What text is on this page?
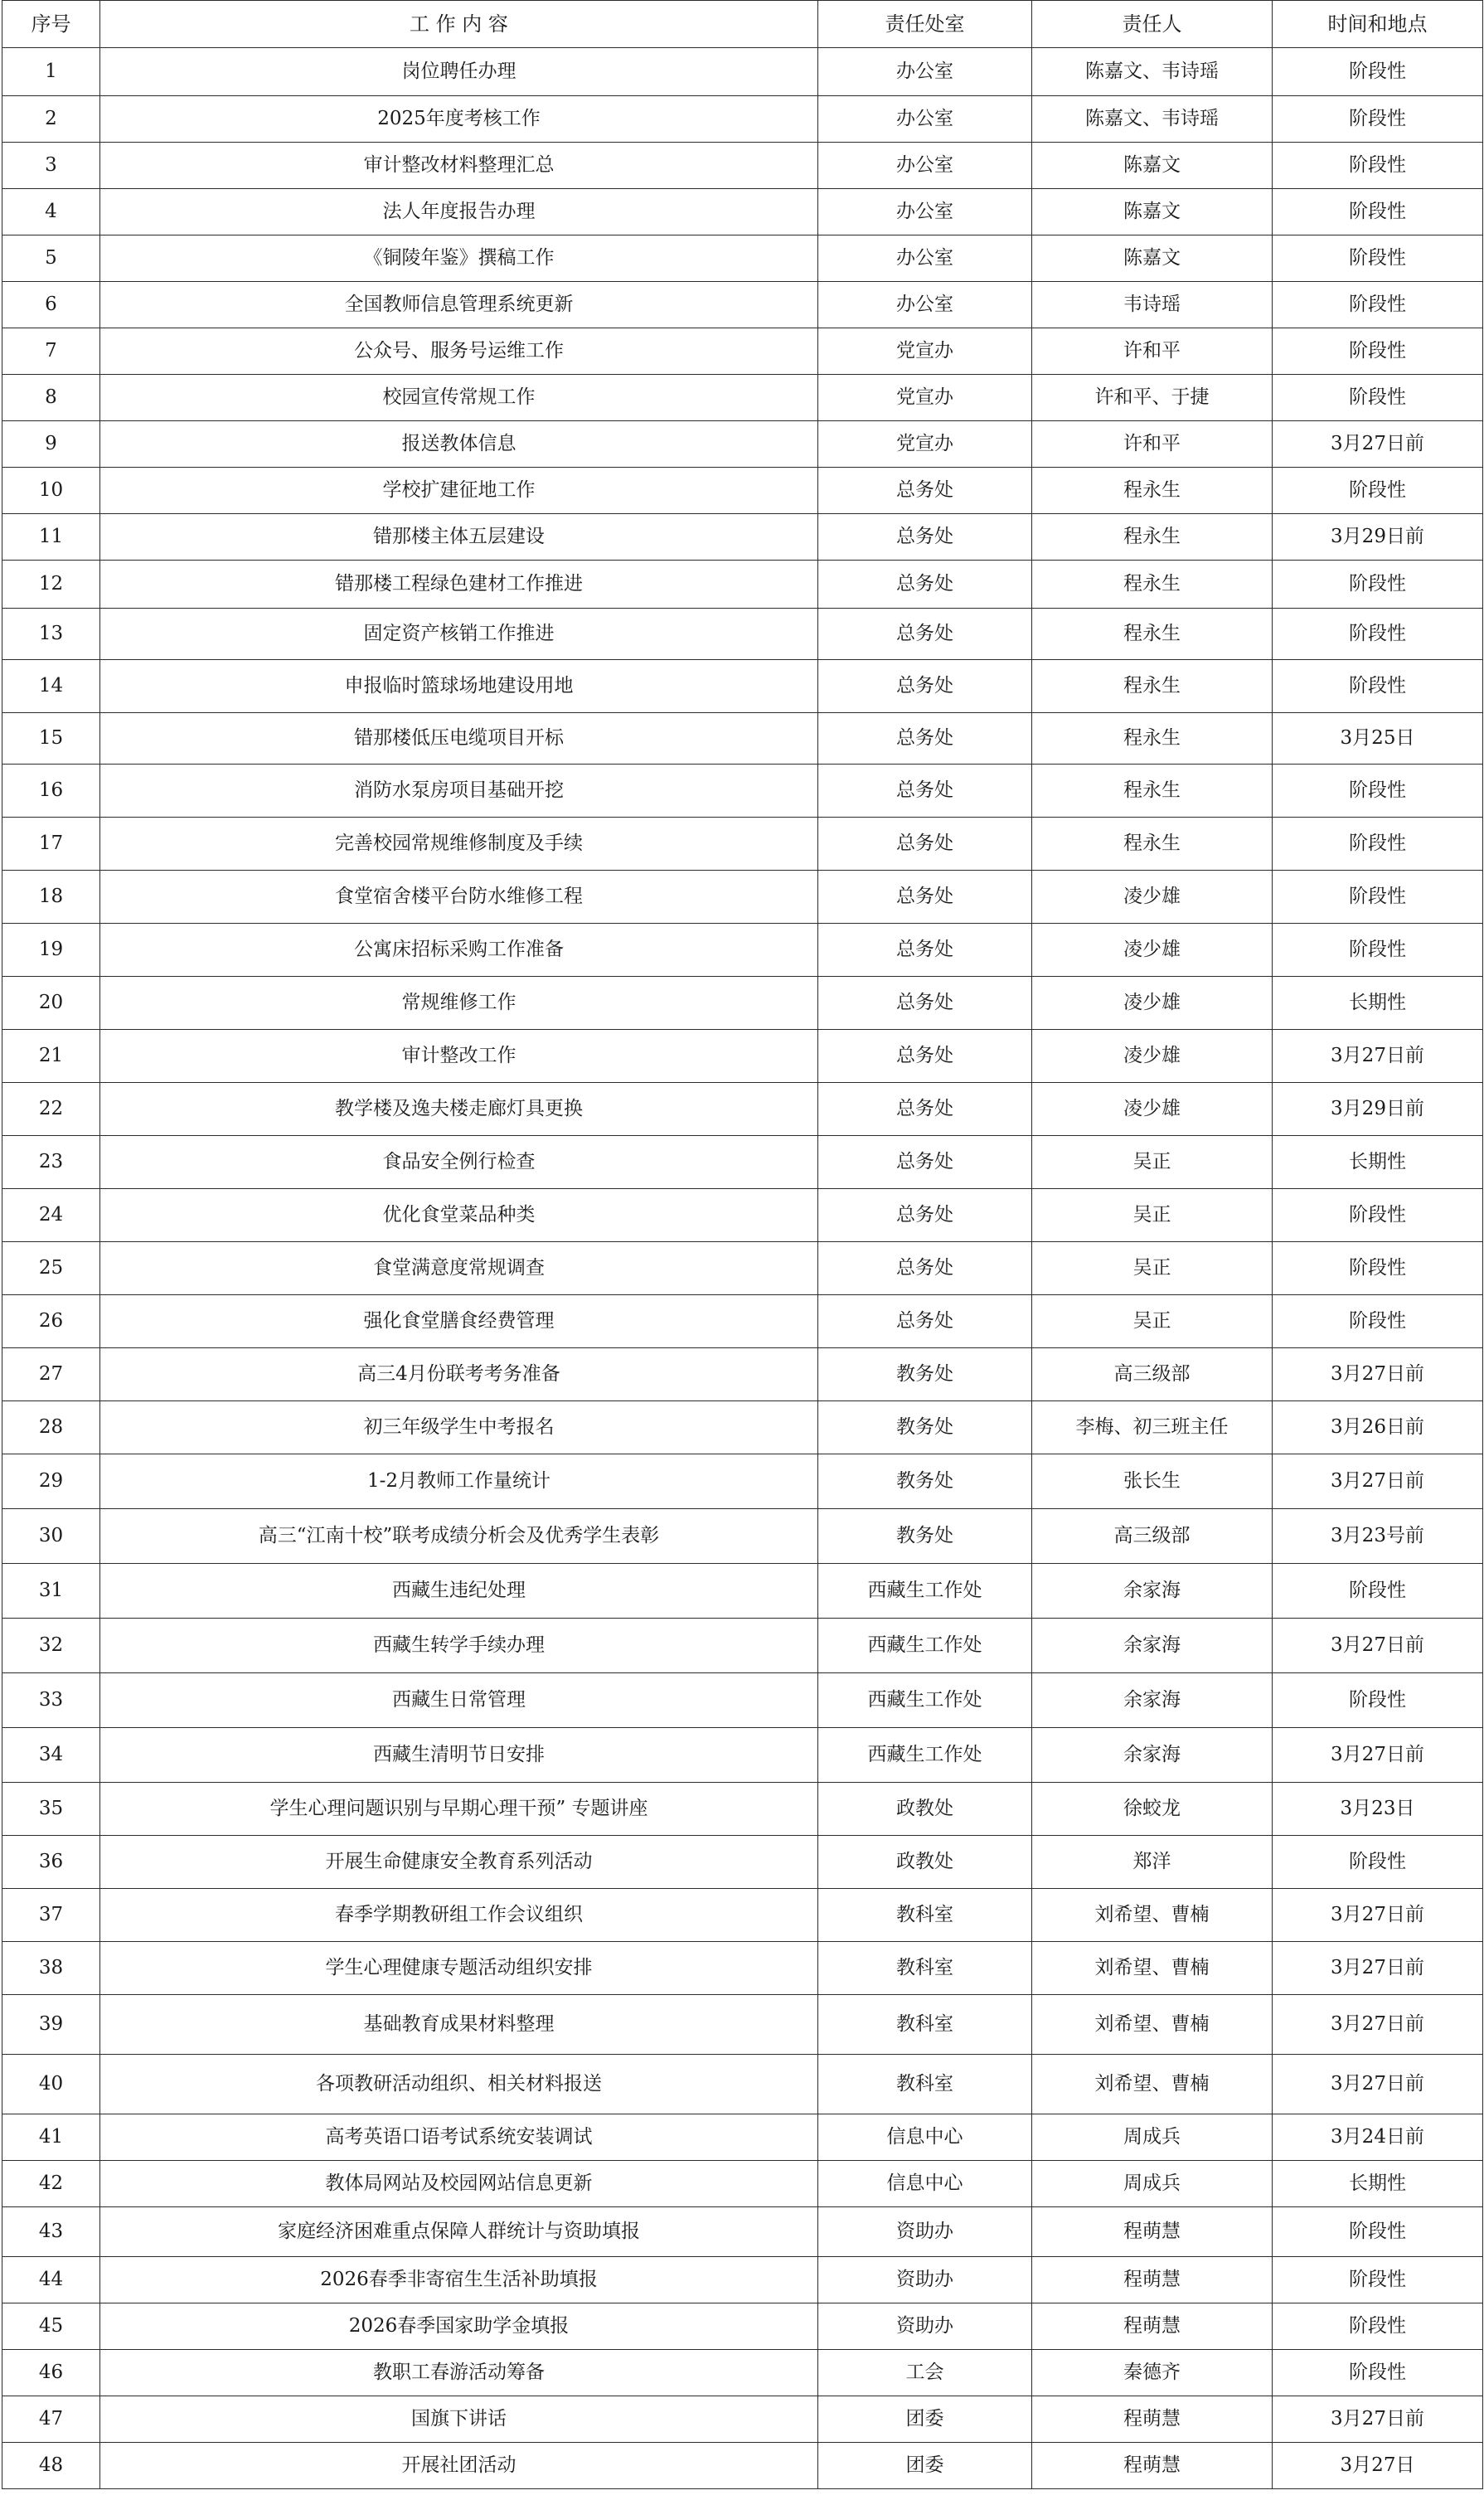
序号	工 作 内 容	责任处室	责任人	时间和地点
1	岗位聘任办理	办公室	陈嘉文、韦诗瑶	阶段性
2	2025年度考核工作	办公室	陈嘉文、韦诗瑶	阶段性
3	审计整改材料整理汇总	办公室	陈嘉文	阶段性
4	法人年度报告办理	办公室	陈嘉文	阶段性
5	《铜陵年鉴》撰稿工作	办公室	陈嘉文	阶段性
6	全国教师信息管理系统更新	办公室	韦诗瑶	阶段性
7	公众号、服务号运维工作	党宣办	许和平	阶段性
8	校园宣传常规工作	党宣办	许和平、于捷	阶段性
9	报送教体信息	党宣办	许和平	3月27日前
10	学校扩建征地工作	总务处	程永生	阶段性
11	错那楼主体五层建设	总务处	程永生	3月29日前
12	错那楼工程绿色建材工作推进	总务处	程永生	阶段性
13	固定资产核销工作推进	总务处	程永生	阶段性
14	申报临时篮球场地建设用地	总务处	程永生	阶段性
15	错那楼低压电缆项目开标	总务处	程永生	3月25日
16	消防水泵房项目基础开挖	总务处	程永生	阶段性
17	完善校园常规维修制度及手续	总务处	程永生	阶段性
18	食堂宿舍楼平台防水维修工程	总务处	凌少雄	阶段性
19	公寓床招标采购工作准备	总务处	凌少雄	阶段性
20	常规维修工作	总务处	凌少雄	长期性
21	审计整改工作	总务处	凌少雄	3月27日前
22	教学楼及逸夫楼走廊灯具更换	总务处	凌少雄	3月29日前
23	食品安全例行检查	总务处	吴正	长期性
24	优化食堂菜品种类	总务处	吴正	阶段性
25	食堂满意度常规调查	总务处	吴正	阶段性
26	强化食堂膳食经费管理	总务处	吴正	阶段性
27	高三4月份联考考务准备	教务处	高三级部	3月27日前
28	初三年级学生中考报名	教务处	李梅、初三班主任	3月26日前
29	1-2月教师工作量统计	教务处	张长生	3月27日前
30	高三“江南十校”联考成绩分析会及优秀学生表彰	教务处	高三级部	3月23号前
31	西藏生违纪处理	西藏生工作处	余家海	阶段性
32	西藏生转学手续办理	西藏生工作处	余家海	3月27日前
33	西藏生日常管理	西藏生工作处	余家海	阶段性
34	西藏生清明节日安排	西藏生工作处	余家海	3月27日前
35	学生心理问题识别与早期心理干预” 专题讲座	政教处	徐蛟龙	3月23日
36	开展生命健康安全教育系列活动	政教处	郑洋	阶段性
37	春季学期教研组工作会议组织	教科室	刘希望、曹楠	3月27日前
38	学生心理健康专题活动组织安排	教科室	刘希望、曹楠	3月27日前
39	基础教育成果材料整理	教科室	刘希望、曹楠	3月27日前
40	各项教研活动组织、相关材料报送	教科室	刘希望、曹楠	3月27日前
41	高考英语口语考试系统安装调试	信息中心	周成兵	3月24日前
42	教体局网站及校园网站信息更新	信息中心	周成兵	长期性
43	家庭经济困难重点保障人群统计与资助填报	资助办	程萌慧	阶段性
44	2026春季非寄宿生生活补助填报	资助办	程萌慧	阶段性
45	2026春季国家助学金填报	资助办	程萌慧	阶段性
46	教职工春游活动筹备	工会	秦德齐	阶段性
47	国旗下讲话	团委	程萌慧	3月27日前
48	开展社团活动	团委	程萌慧	3月27日
